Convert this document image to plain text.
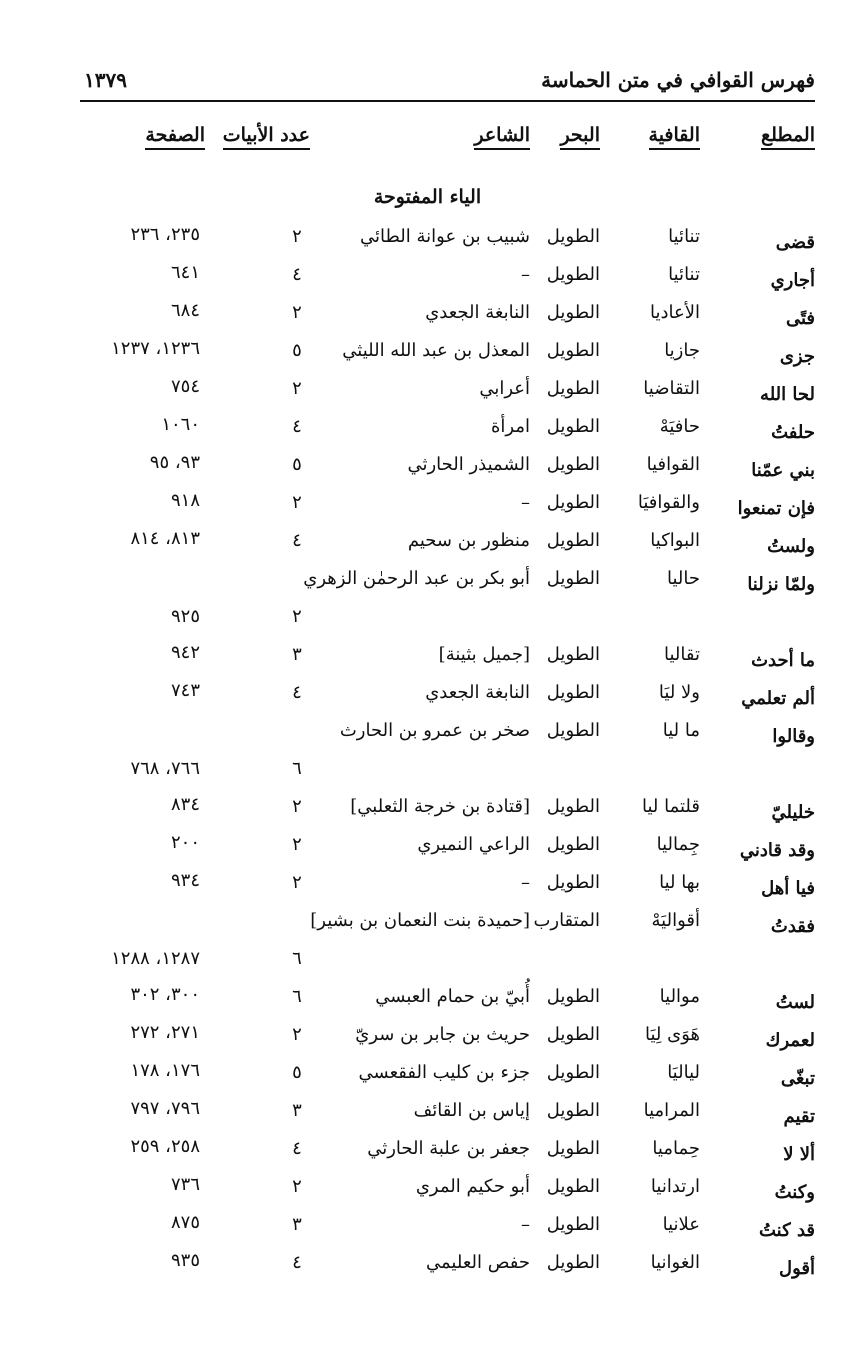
فهرس القوافي في متن الحماسة
١٣٧٩
المطلع
القافية
البحر
الشاعر
عدد الأبيات
الصفحة
الياء المفتوحة
قضى
تنائيا
الطويل
شبيب بن عوانة الطائي
٢
٢٣٥، ٢٣٦
أجاري
تنائيا
الطويل
–
٤
٦٤١
فتًى
الأعاديا
الطويل
النابغة الجعدي
٢
٦٨٤
جزى
جازيا
الطويل
المعذل بن عبد الله الليثي
٥
١٢٣٦، ١٢٣٧
لحا الله
التقاضيا
الطويل
أعرابي
٢
٧٥٤
حلفتُ
حافيَهْ
الطويل
امرأة
٤
١٠٦٠
بني عمّنا
القوافيا
الطويل
الشميذر الحارثي
٥
٩٣، ٩٥
فإن تمنعوا
والقوافيَا
الطويل
–
٢
٩١٨
ولستُ
البواكيا
الطويل
منظور بن سحيم
٤
٨١٣، ٨١٤
ولمّا نزلنا
حاليا
الطويل
أبو بكر بن عبد الرحمٰن الزهري
٢
٩٢٥
ما أحدث
تقاليا
الطويل
[جميل بثينة]
٣
٩٤٢
ألم تعلمي
ولا ليَا
الطويل
النابغة الجعدي
٤
٧٤٣
وقالوا
ما ليا
الطويل
صخر بن عمرو بن الحارث
٦
٧٦٦، ٧٦٨
خليليّ
قلتما ليا
الطويل
[قتادة بن خرجة الثعلبي]
٢
٨٣٤
وقد قادني
جِماليا
الطويل
الراعي النميري
٢
٢٠٠
فيا أهل
بها ليا
الطويل
–
٢
٩٣٤
فقدتُ
أقواليَهْ
المتقارب
[حميدة بنت النعمان بن بشير]
٦
١٢٨٧، ١٢٨٨
لستُ
مواليا
الطويل
أُبيّ بن حمام العبسي
٦
٣٠٠، ٣٠٢
لعمرك
هَوَى لِيَا
الطويل
حريث بن جابر بن سريّ
٢
٢٧١، ٢٧٢
تبغّى
لياليَا
الطويل
جزء بن كليب الفقعسي
٥
١٧٦، ١٧٨
تقيم
المراميا
الطويل
إياس بن القائف
٣
٧٩٦، ٧٩٧
ألا لا
حِماميا
الطويل
جعفر بن علبة الحارثي
٤
٢٥٨، ٢٥٩
وكنتُ
ارتدانيا
الطويل
أبو حكيم المري
٢
٧٣٦
قد كنتُ
علانيا
الطويل
–
٣
٨٧٥
أقول
الغوانيا
الطويل
حفص العليمي
٤
٩٣٥
